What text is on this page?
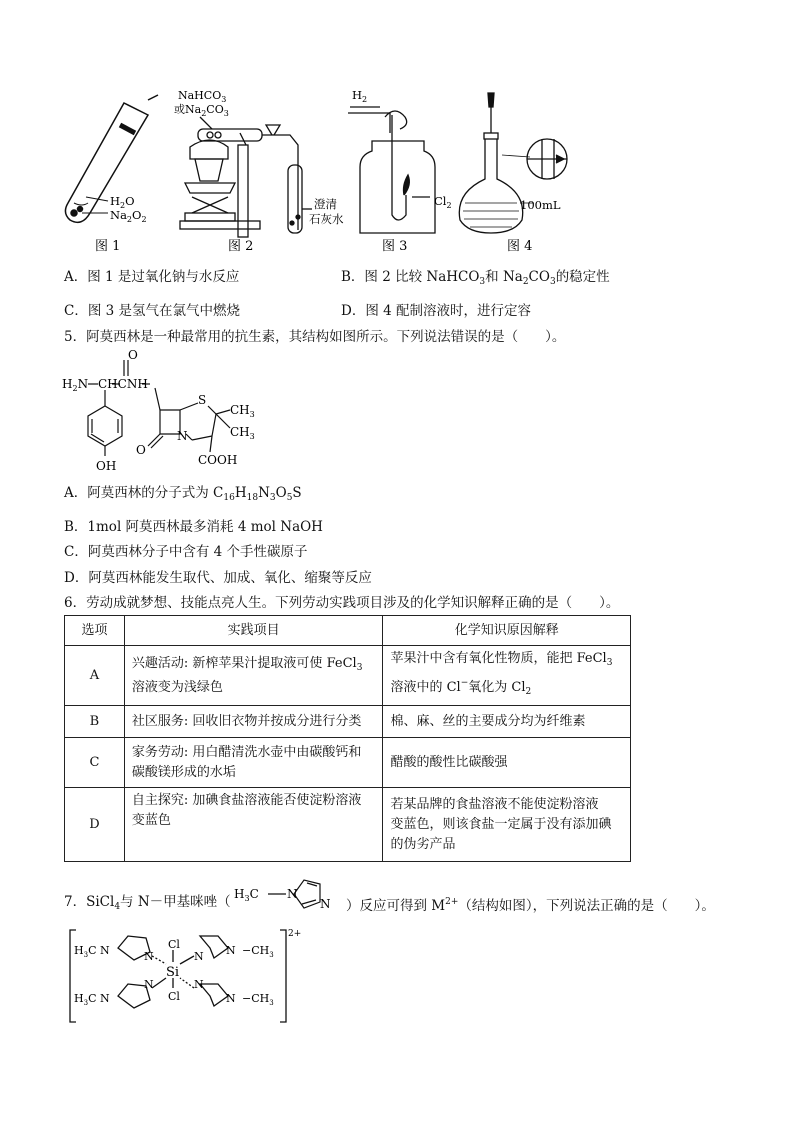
$H_2O$
$Na_2O_2$
NaHCO$_3$
或$Na_2CO_3$
澄清
石灰水
$H_2$
$Cl_2$	100mL
图 1	图 2	图 3	图 4
A．图 1 是过氧化钠与水反应	B．图 2 比较 NaHCO$_3$和 $Na_2CO_3$的稳定性
C．图 3 是氢气在氯气中燃烧	D．图 4 配制溶液时，进行定容
5．阿莫西林是一种最常用的抗生素，其结构如图所示。下列说法错误的是（　　）。
O
$H_2N$ CHCNH
S
$CH_3$
$CH_3$
N
O
COOH
OH
A．阿莫西林的分子式为 $C_{16}H_{18}N_3O_5S$
B．1mol 阿莫西林最多消耗 4 mol NaOH
C．阿莫西林分子中含有 4 个手性碳原子
D．阿莫西林能发生取代、加成、氧化、缩聚等反应
6．劳动成就梦想、技能点亮人生。下列劳动实践项目涉及的化学知识解释正确的是（　　）。
选项	实践项目	化学知识原因解释
A	兴趣活动: 新榨苹果汁提取液可使 FeCl$_3$
溶液变为浅绿色	苹果汁中含有氧化性物质，能把 FeCl$_3$
溶液中的 Cl−氧化为 $Cl_2$
B	社区服务: 回收旧衣物并按成分进行分类	棉、麻、丝的主要成分均为纤维素
C	家务劳动: 用白醋清洗水壶中由碳酸钙和
碳酸镁形成的水垢	醋酸的酸性比碳酸强
D	自主探究: 加碘食盐溶液能否使淀粉溶液
变蓝色	若某品牌的食盐溶液不能使淀粉溶液
变蓝色，则该食盐一定属于没有添加碘
的伪劣产品
7．SiCl$_4$与 N－甲基咪唑（ $H_3C$ N
N ）反应可得到 $M^{2+}$（结构如图），下列说法正确的是（　　）。
$H_3C$ N	N
Cl
N $N -CH_3$
Si
$H_3C$ N
N
Cl
N
$N -CH_3$
2+
